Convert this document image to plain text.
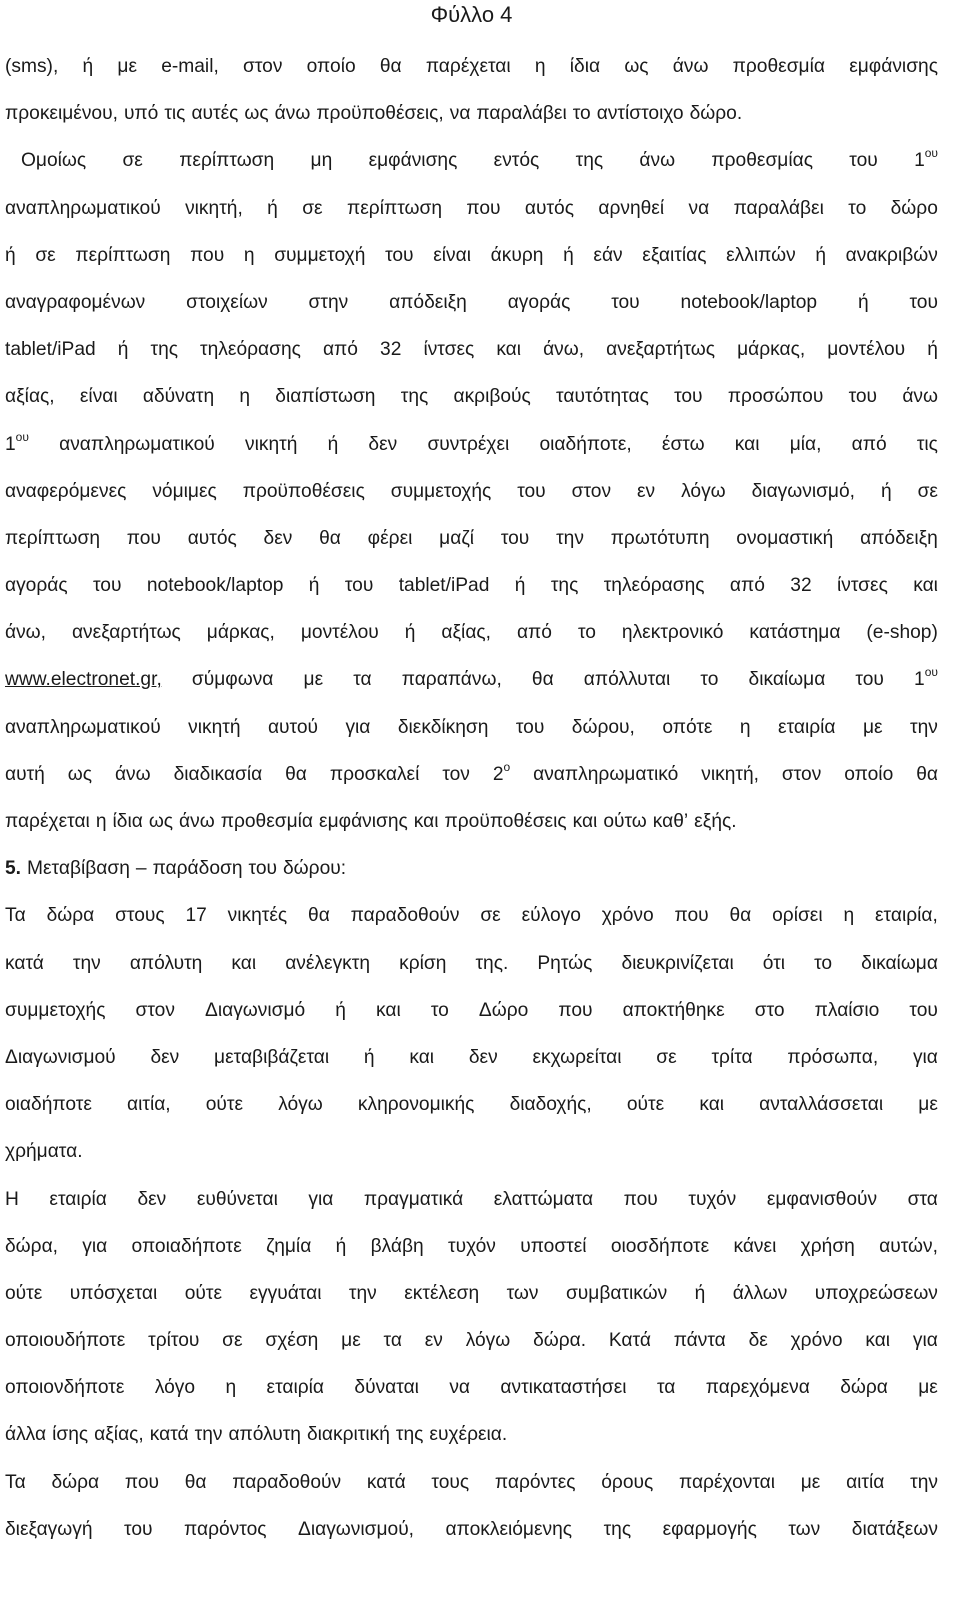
Φύλλο 4
(sms), ή με e-mail, στον οποίο θα παρέχεται η ίδια ως άνω προθεσμία εμφάνισης
προκειμένου, υπό τις αυτές ως άνω προϋποθέσεις, να παραλάβει το αντίστοιχο δώρο.
Ομοίως σε περίπτωση μη εμφάνισης εντός της άνω προθεσμίας του $1^{o\upsilon}$
αναπληρωματικού νικητή, ή σε περίπτωση που αυτός αρνηθεί να παραλάβει το δώρο
ή σε περίπτωση που η συμμετοχή του είναι άκυρη ή εάν εξαιτίας ελλιπών ή ανακριβών
αναγραφομένων στοιχείων στην απόδειξη αγοράς του notebook/laptop ή του
tablet/iPad ή της τηλεόρασης από 32 ίντσες και άνω, ανεξαρτήτως μάρκας, μοντέλου ή
αξίας, είναι αδύνατη η διαπίστωση της ακριβούς ταυτότητας του προσώπου του άνω
$1^{o\upsilon}$ αναπληρωματικού νικητή ή δεν συντρέχει οιαδήποτε, έστω και μία, από τις
αναφερόμενες νόμιμες προϋποθέσεις συμμετοχής του στον εν λόγω διαγωνισμό, ή σε
περίπτωση που αυτός δεν θα φέρει μαζί του την πρωτότυπη ονομαστική απόδειξη
αγοράς του notebook/laptop ή του tablet/iPad ή της τηλεόρασης από 32 ίντσες και
άνω, ανεξαρτήτως μάρκας, μοντέλου ή αξίας, από το ηλεκτρονικό κατάστημα (e-shop)
www.electronet.gr, σύμφωνα με τα παραπάνω, θα απόλλυται το δικαίωμα του $1^{o\upsilon}$
αναπληρωματικού νικητή αυτού για διεκδίκηση του δώρου, οπότε η εταιρία με την
αυτή ως άνω διαδικασία θα προσκαλεί τον $2^o$ αναπληρωματικό νικητή, στον οποίο θα
παρέχεται η ίδια ως άνω προθεσμία εμφάνισης και προϋποθέσεις και ούτω καθ’ εξής.
5. Μεταβίβαση – παράδοση του δώρου:
Τα δώρα στους 17 νικητές θα παραδοθούν σε εύλογο χρόνο που θα ορίσει η εταιρία,
κατά την απόλυτη και ανέλεγκτη κρίση της. Ρητώς διευκρινίζεται ότι το δικαίωμα
συμμετοχής στον Διαγωνισμό ή και το Δώρο που αποκτήθηκε στο πλαίσιο του
Διαγωνισμού δεν μεταβιβάζεται ή και δεν εκχωρείται σε τρίτα πρόσωπα, για
οιαδήποτε αιτία, ούτε λόγω κληρονομικής διαδοχής, ούτε και ανταλλάσσεται με
χρήματα.
Η εταιρία δεν ευθύνεται για πραγματικά ελαττώματα που τυχόν εμφανισθούν στα
δώρα, για οποιαδήποτε ζημία ή βλάβη τυχόν υποστεί οιοσδήποτε κάνει χρήση αυτών,
ούτε υπόσχεται ούτε εγγυάται την εκτέλεση των συμβατικών ή άλλων υποχρεώσεων
οποιουδήποτε τρίτου σε σχέση με τα εν λόγω δώρα. Κατά πάντα δε χρόνο και για
οποιονδήποτε λόγο η εταιρία δύναται να αντικαταστήσει τα παρεχόμενα δώρα με
άλλα ίσης αξίας, κατά την απόλυτη διακριτική της ευχέρεια.
Τα δώρα που θα παραδοθούν κατά τους παρόντες όρους παρέχονται με αιτία την
διεξαγωγή του παρόντος Διαγωνισμού, αποκλειόμενης της εφαρμογής των διατάξεων
